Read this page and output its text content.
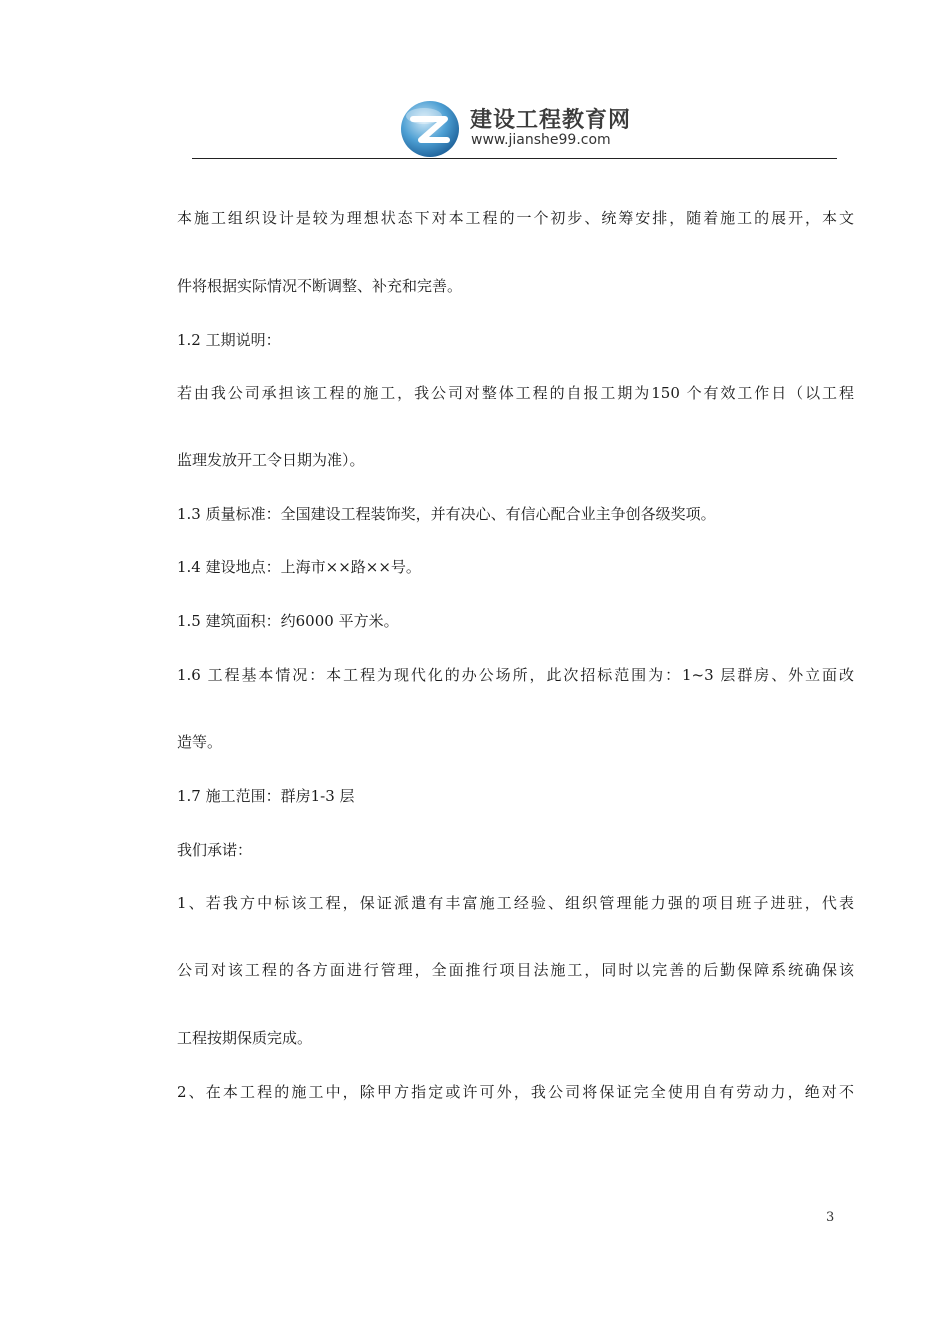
建设工程教育网
www.jianshe99.com
本施工组织设计是较为理想状态下对本工程的一个初步、统筹安排，随着施工的展开，本文
件将根据实际情况不断调整、补充和完善。
1.2 工期说明：
若由我公司承担该工程的施工，我公司对整体工程的自报工期为150 个有效工作日（以工程
监理发放开工令日期为准）。
1.3 质量标准：全国建设工程装饰奖，并有决心、有信心配合业主争创各级奖项。
1.4 建设地点：上海市××路××号。
1.5 建筑面积：约6000 平方米。
1.6 工程基本情况：本工程为现代化的办公场所，此次招标范围为：1~3 层群房、外立面改
造等。
1.7 施工范围：群房1-3 层
我们承诺：
1、若我方中标该工程，保证派遣有丰富施工经验、组织管理能力强的项目班子进驻，代表
公司对该工程的各方面进行管理，全面推行项目法施工，同时以完善的后勤保障系统确保该
工程按期保质完成。
2、在本工程的施工中，除甲方指定或许可外，我公司将保证完全使用自有劳动力，绝对不
3
